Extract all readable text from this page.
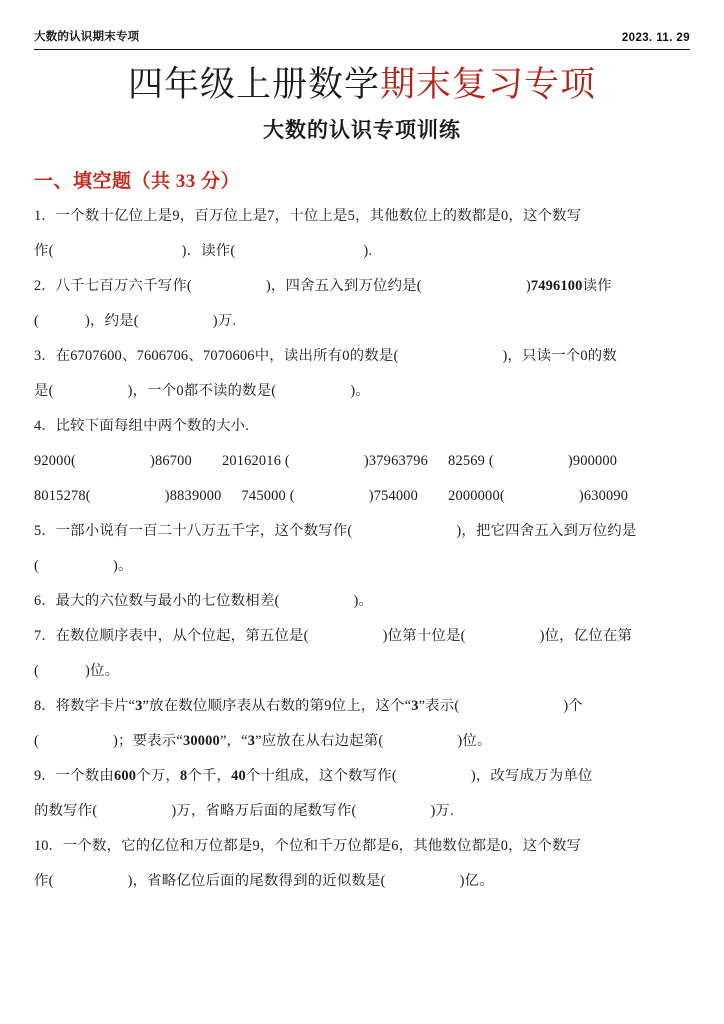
大数的认识期末专项	2023. 11. 29
四年级上册数学期末复习专项
大数的认识专项训练
一、填空题（共 33 分）
1．一个数十亿位上是9，百万位上是7，十位上是5，其他数位上的数都是0，这个数写
作(	)．读作(	).
2．八千七百万六千写作(	)，四舍五入到万位约是(	)7496100读作
(	)，约是(	)万.
3．在6707600、7606706、7070606中，读出所有0的数是(	)，只读一个0的数
是(	)，一个0都不读的数是(	)。
4．比较下面每组中两个数的大小.
92000(	)86700 20162016 (	)37963796 82569 (	)900000
8015278(	)8839000 745000 (	)754000 2000000(	)630090
5．一部小说有一百二十八万五千字，这个数写作(	)，把它四舍五入到万位约是
(	)。
6．最大的六位数与最小的七位数相差(	)。
7．在数位顺序表中，从个位起，第五位是(	)位第十位是(	)位，亿位在第
(	)位。
8．将数字卡片“3”放在数位顺序表从右数的第9位上，这个“3”表示(	)个
(	)；要表示“30000”，“3”应放在从右边起第(	)位。
9．一个数由600个万，8个千，40个十组成，这个数写作(	)，改写成万为单位
的数写作(	)万，省略万后面的尾数写作(	)万.
10．一个数，它的亿位和万位都是9，个位和千万位都是6，其他数位都是0，这个数写
作(	)，省略亿位后面的尾数得到的近似数是(	)亿。
